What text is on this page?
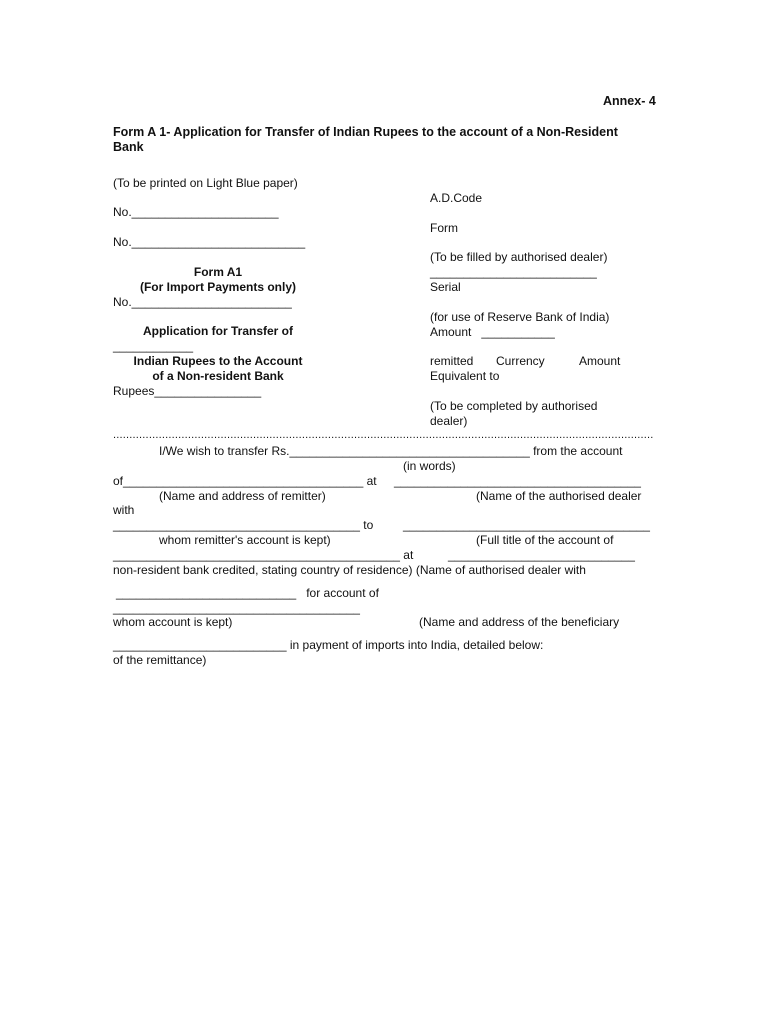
Annex- 4
Form A 1- Application for Transfer of Indian Rupees to the account of a Non-Resident
Bank
(To be printed on Light Blue paper)
No.______________________
No.__________________________
Form A1
(For Import Payments only)
No.________________________
Application for Transfer of
____________
Indian Rupees to the Account
of a Non-resident Bank
Rupees________________
A.D.Code
Form
(To be filled by authorised dealer)
_________________________
Serial
(for use of Reserve Bank of India)
Amount   ___________
remitted Currency	Amount
Equivalent to
(To be completed by authorised
dealer)
......................................................................................................................................................................
I/We wish to transfer Rs.____________________________________ from the account
(in words)
of____________________________________ at _____________________________________
(Name and address of remitter)	(Name of the authorised dealer
with
_____________________________________ to _____________________________________
whom remitter's account is kept)	(Full title of the account of
___________________________________________ at	____________________________
non-resident bank credited, stating country of residence) (Name of authorised dealer with
___________________________   for account of
_____________________________________
whom account is kept)	(Name and address of the beneficiary
__________________________ in payment of imports into India, detailed below:
of the remittance)
